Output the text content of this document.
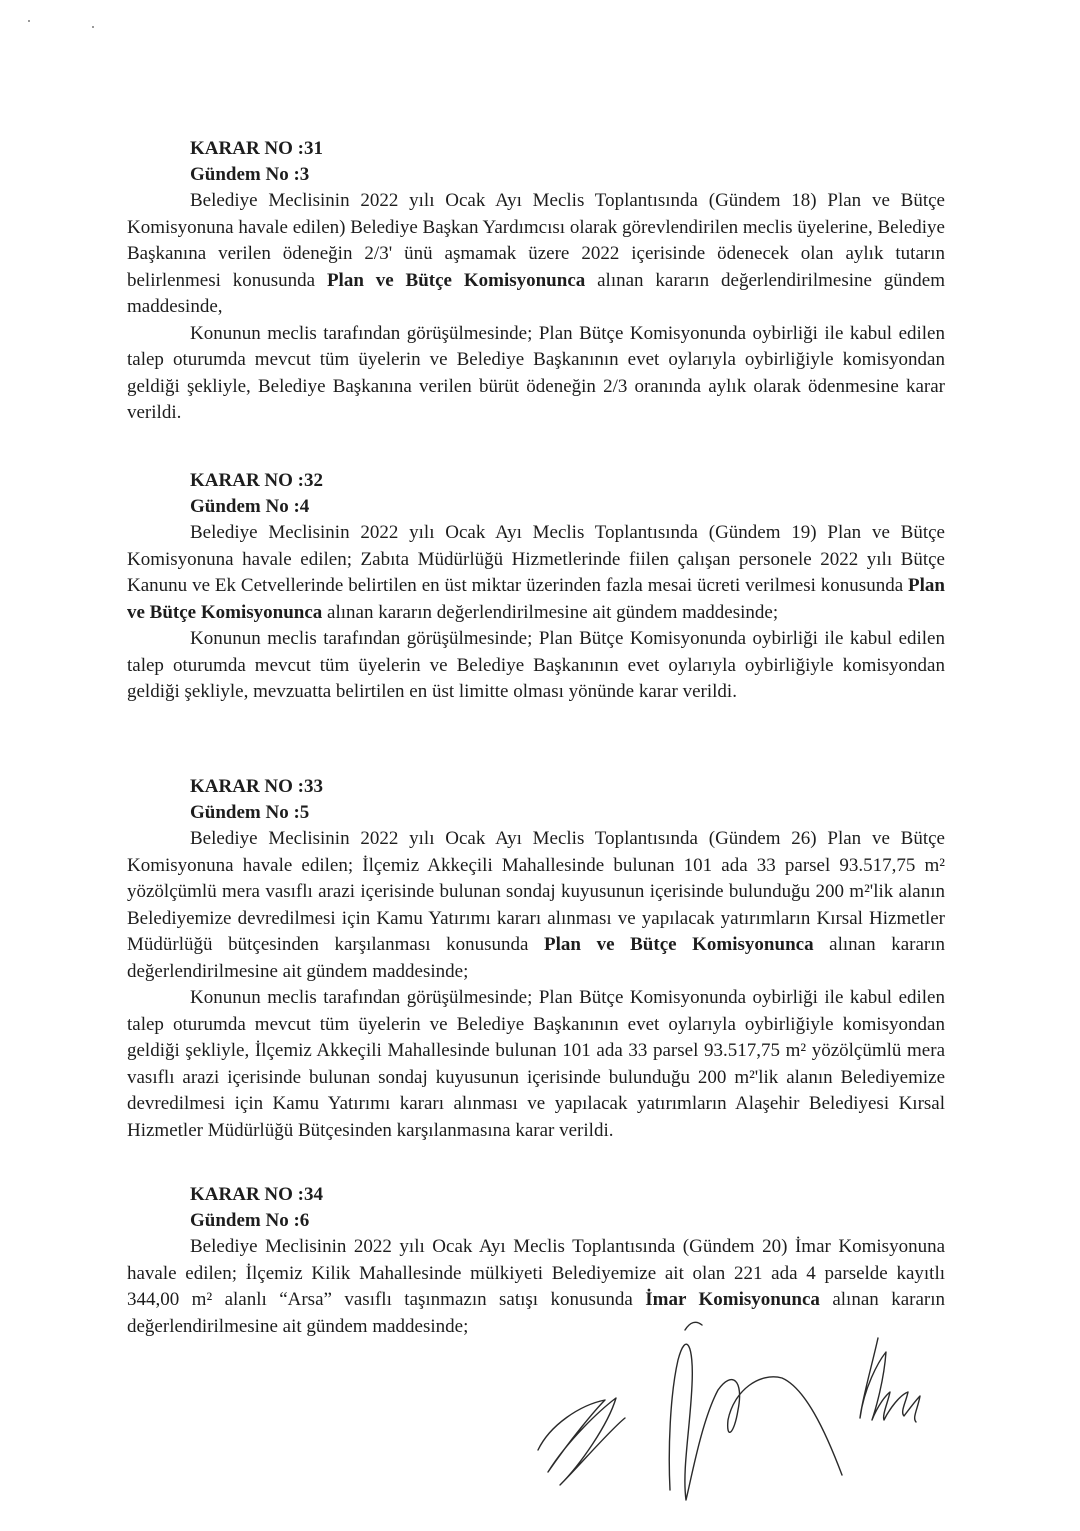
KARAR NO :31
Gündem No :3

Belediye Meclisinin 2022 yılı Ocak Ayı Meclis Toplantısında (Gündem 18) Plan ve Bütçe Komisyonuna havale edilen) Belediye Başkan Yardımcısı olarak görevlendirilen meclis üyelerine, Belediye Başkanına verilen ödeneğin 2/3' ünü aşmamak üzere 2022 içerisinde ödenecek olan aylık tutarın belirlenmesi konusunda Plan ve Bütçe Komisyonunca alınan kararın değerlendirilmesine gündem maddesinde,

Konunun meclis tarafından görüşülmesinde; Plan Bütçe Komisyonunda oybirliği ile kabul edilen talep oturumda mevcut tüm üyelerin ve Belediye Başkanının evet oylarıyla oybirliğiyle komisyondan geldiği şekliyle, Belediye Başkanına verilen bürüt ödeneğin 2/3 oranında aylık olarak ödenmesine karar verildi.

KARAR NO :32
Gündem No :4

Belediye Meclisinin 2022 yılı Ocak Ayı Meclis Toplantısında (Gündem 19) Plan ve Bütçe Komisyonuna havale edilen; Zabıta Müdürlüğü Hizmetlerinde fiilen çalışan personele 2022 yılı Bütçe Kanunu ve Ek Cetvellerinde belirtilen en üst miktar üzerinden fazla mesai ücreti verilmesi konusunda Plan ve Bütçe Komisyonunca alınan kararın değerlendirilmesine ait gündem maddesinde;

Konunun meclis tarafından görüşülmesinde; Plan Bütçe Komisyonunda oybirliği ile kabul edilen talep oturumda mevcut tüm üyelerin ve Belediye Başkanının evet oylarıyla oybirliğiyle komisyondan geldiği şekliyle, mevzuatta belirtilen en üst limitte olması yönünde karar verildi.

KARAR NO :33
Gündem No :5

Belediye Meclisinin 2022 yılı Ocak Ayı Meclis Toplantısında (Gündem 26) Plan ve Bütçe Komisyonuna havale edilen; İlçemiz Akkeçili Mahallesinde bulunan 101 ada 33 parsel 93.517,75 m² yözölçümlü mera vasıflı arazi içerisinde bulunan sondaj kuyusunun içerisinde bulunduğu 200 m²'lik alanın Belediyemize devredilmesi için Kamu Yatırımı kararı alınması ve yapılacak yatırımların Kırsal Hizmetler Müdürlüğü bütçesinden karşılanması konusunda Plan ve Bütçe Komisyonunca alınan kararın değerlendirilmesine ait gündem maddesinde;

Konunun meclis tarafından görüşülmesinde; Plan Bütçe Komisyonunda oybirliği ile kabul edilen talep oturumda mevcut tüm üyelerin ve Belediye Başkanının evet oylarıyla oybirliğiyle komisyondan geldiği şekliyle, İlçemiz Akkeçili Mahallesinde bulunan 101 ada 33 parsel 93.517,75 m² yözölçümlü mera vasıflı arazi içerisinde bulunan sondaj kuyusunun içerisinde bulunduğu 200 m²'lik alanın Belediyemize devredilmesi için Kamu Yatırımı kararı alınması ve yapılacak yatırımların Alaşehir Belediyesi Kırsal Hizmetler Müdürlüğü Bütçesinden karşılanmasına karar verildi.

KARAR NO :34
Gündem No :6

Belediye Meclisinin 2022 yılı Ocak Ayı Meclis Toplantısında (Gündem 20) İmar Komisyonuna havale edilen; İlçemiz Kilik Mahallesinde mülkiyeti Belediyemize ait olan 221 ada 4 parselde kayıtlı 344,00 m² alanlı “Arsa” vasıflı taşınmazın satışı konusunda İmar Komisyonunca alınan kararın değerlendirilmesine ait gündem maddesinde;
